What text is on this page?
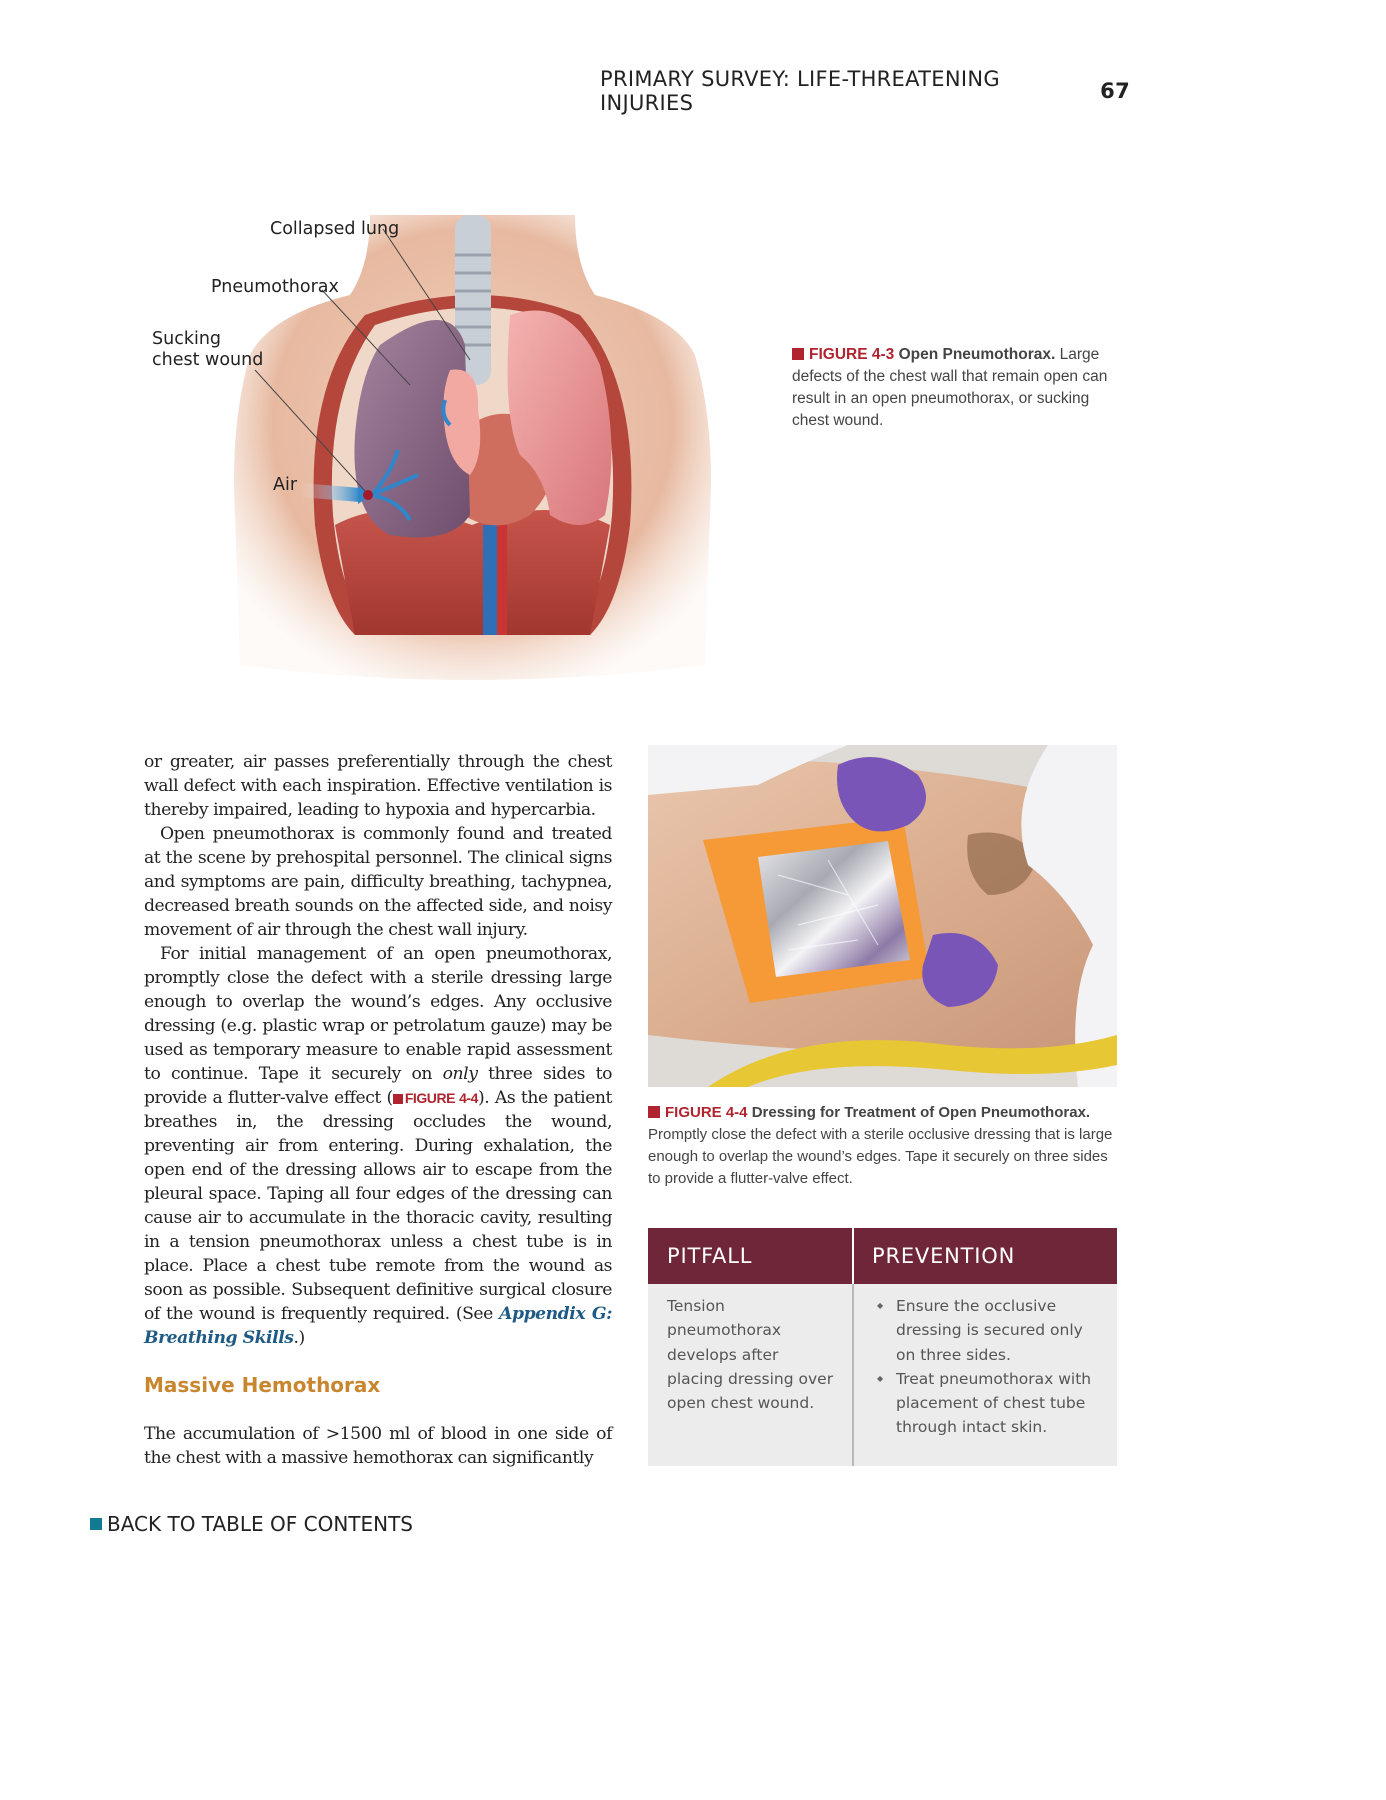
PRIMARY SURVEY: LIFE-THREATENING INJURIES	67
Collapsed lung
Pneumothorax
Sucking
chest wound
Air
FIGURE 4-3 Open Pneumothorax. Large defects of the chest wall that remain open can result in an open pneumothorax, or sucking chest wound.

or greater, air passes preferentially through the chest wall defect with each inspiration. Effective ventilation is thereby impaired, leading to hypoxia and hypercarbia.

Open pneumothorax is commonly found and treated at the scene by prehospital personnel. The clinical signs and symptoms are pain, difficulty breathing, tachypnea, decreased breath sounds on the affected side, and noisy movement of air through the chest wall injury.

For initial management of an open pneumothorax, promptly close the defect with a sterile dressing large enough to overlap the wound’s edges. Any occlusive dressing (e.g. plastic wrap or petrolatum gauze) may be used as temporary measure to enable rapid assessment to continue. Tape it securely on only three sides to provide a flutter-valve effect ( FIGURE 4-4). As the patient breathes in, the dressing occludes the wound, preventing air from entering. During exhalation, the open end of the dressing allows air to escape from the pleural space. Taping all four edges of the dressing can cause air to accumulate in the thoracic cavity, resulting in a tension pneumothorax unless a chest tube is in place. Place a chest tube remote from the wound as soon as possible. Subsequent definitive surgical closure of the wound is frequently required. (See Appendix G: Breathing Skills.)

Massive Hemothorax

The accumulation of >1500 ml of blood in one side of the chest with a massive hemothorax can significantly

FIGURE 4-4 Dressing for Treatment of Open Pneumothorax. Promptly close the defect with a sterile occlusive dressing that is large enough to overlap the wound’s edges. Tape it securely on three sides to provide a flutter-valve effect.
PITFALL	PREVENTION
Tension pneumothorax develops after placing dressing over open chest wound.
◆ Ensure the occlusive dressing is secured only on three sides.
◆ Treat pneumothorax with placement of chest tube through intact skin.
BACK TO TABLE OF CONTENTS
